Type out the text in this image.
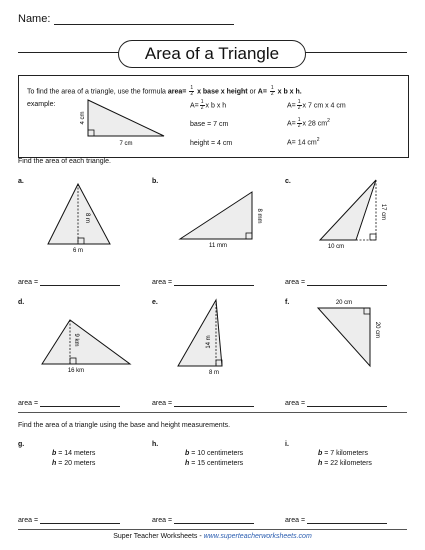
Name:
Area of a Triangle
To find the area of a triangle, use the formula area= $\frac{1}{2}$ x base x height or $A= \frac{1}{2}$ x b x h.
example:
4 cm
7 cm
$A= \frac{1}{2}$ x b x h
base = 7 cm
height = 4 cm
$A= \frac{1}{2}$ x 7 cm x 4 cm
$A= \frac{1}{2}$ x 28 $cm^2$
A= 14 $cm^2$
Find the area of each triangle.
a.
8 m
6 m
b.
8 mm
11 mm
c.
17 cm
10 cm
area =	area =	area =
d.
9 km
16 km
e.
14 m
8 m
f.	20 cm
20 cm
area =	area =	area =
Find the area of a triangle using the base and height measurements.
g.
b = 14 meters
h = 20 meters
h.
b = 10 centimeters
h = 15 centimeters
i.
b = 7 kilometers
h = 22 kilometers
area =	area =	area =
Super Teacher Worksheets - www.superteacherworksheets.com
